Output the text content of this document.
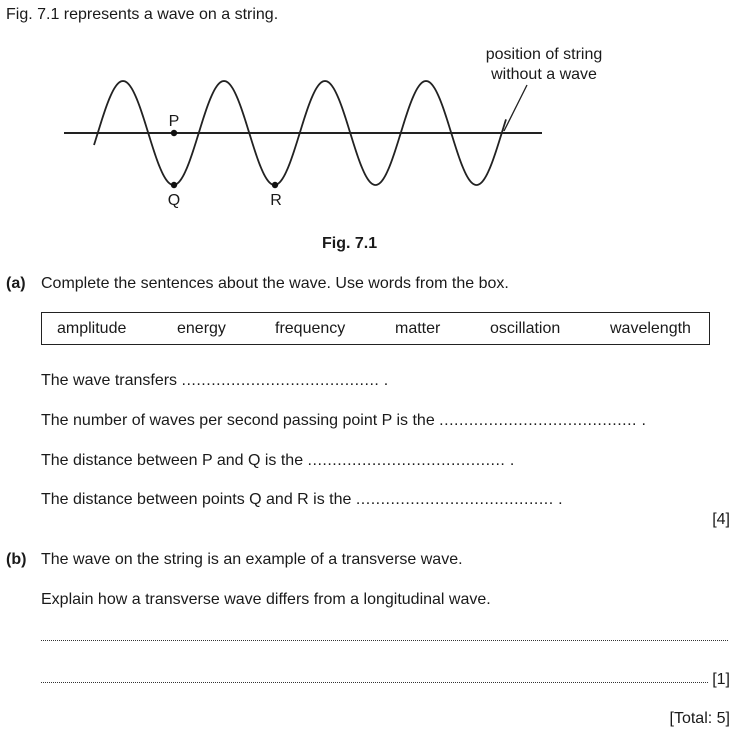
Fig. 7.1 represents a wave on a string.
position of string
without a wave
P
Q	R
Fig. 7.1
(a) Complete the sentences about the wave. Use words from the box.
amplitude	energy	frequency	matter	oscillation	wavelength
The wave transfers ........................................ .
The number of waves per second passing point P is the ........................................ .
The distance between P and Q is the ........................................ .
The distance between points Q and R is the ........................................ .
[4]
(b) The wave on the string is an example of a transverse wave.
Explain how a transverse wave differs from a longitudinal wave.
[1]
[Total: 5]
